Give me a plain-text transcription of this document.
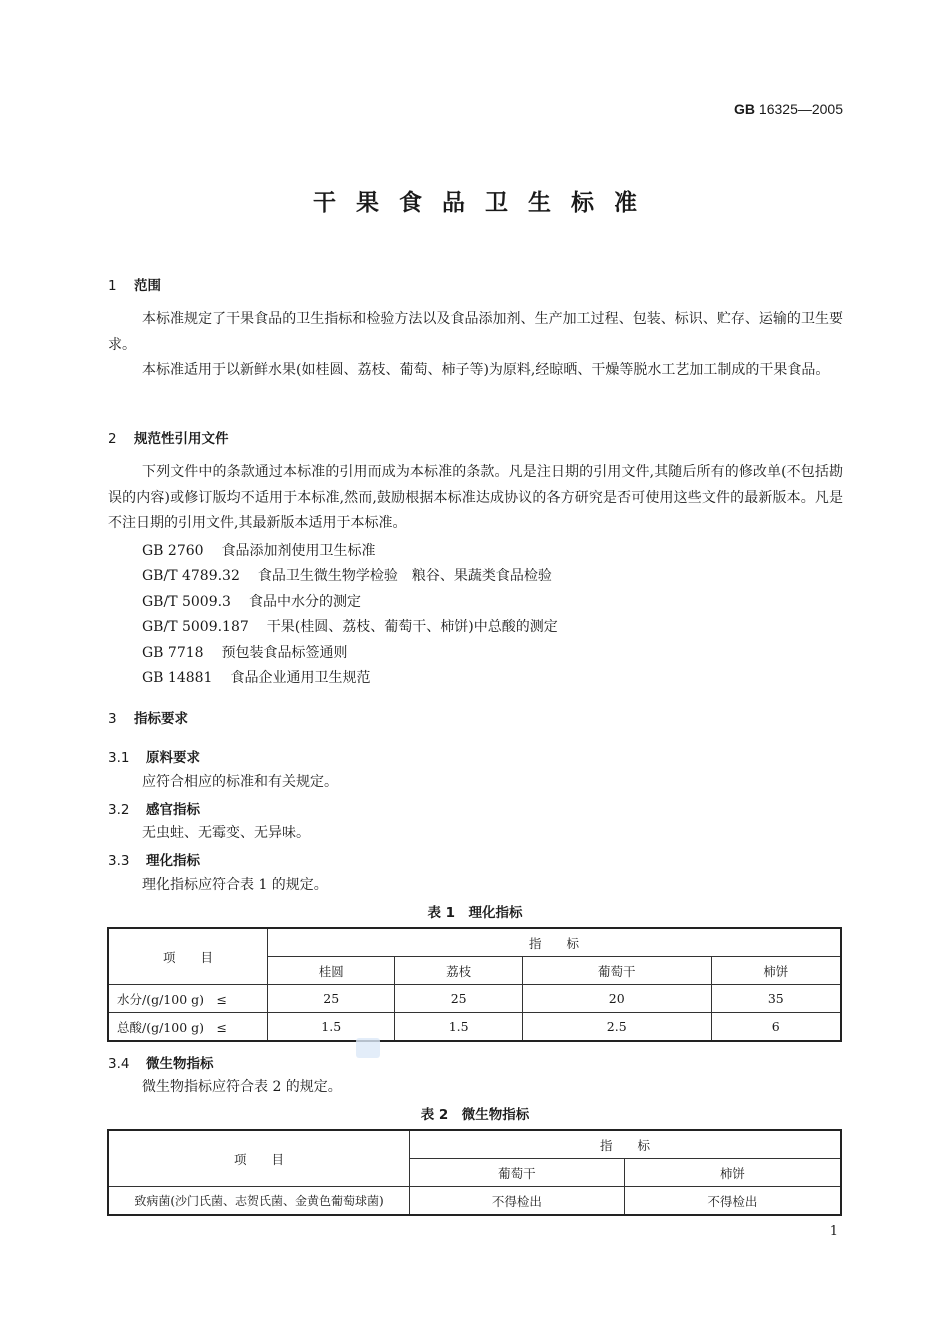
GB 16325—2005
干果食品卫生标准
1 范围
本标准规定了干果食品的卫生指标和检验方法以及食品添加剂、生产加工过程、包装、标识、贮存、运输的卫生要求。
本标准适用于以新鲜水果(如桂圆、荔枝、葡萄、柿子等)为原料,经晾晒、干燥等脱水工艺加工制成的干果食品。
2 规范性引用文件
下列文件中的条款通过本标准的引用而成为本标准的条款。凡是注日期的引用文件,其随后所有的修改单(不包括勘误的内容)或修订版均不适用于本标准,然而,鼓励根据本标准达成协议的各方研究是否可使用这些文件的最新版本。凡是不注日期的引用文件,其最新版本适用于本标准。
GB 2760 食品添加剂使用卫生标准
GB/T 4789.32 食品卫生微生物学检验　粮谷、果蔬类食品检验
GB/T 5009.3 食品中水分的测定
GB/T 5009.187 干果(桂圆、荔枝、葡萄干、柿饼)中总酸的测定
GB 7718 预包装食品标签通则
GB 14881 食品企业通用卫生规范
3 指标要求
3.1 原料要求
应符合相应的标准和有关规定。
3.2 感官指标
无虫蛀、无霉变、无异味。
3.3 理化指标
理化指标应符合表 1 的规定。
表 1　理化指标
项　　目	指　　标			
	桂圆	荔枝	葡萄干	柿饼
水分/(g/100 g)　≤	25	25	20	35
总酸/(g/100 g)　≤	1.5	1.5	2.5	6
3.4 微生物指标
微生物指标应符合表 2 的规定。
表 2　微生物指标
项　　目	指　　标	
	葡萄干	柿饼
致病菌(沙门氏菌、志贺氏菌、金黄色葡萄球菌)	不得检出	不得检出
1
